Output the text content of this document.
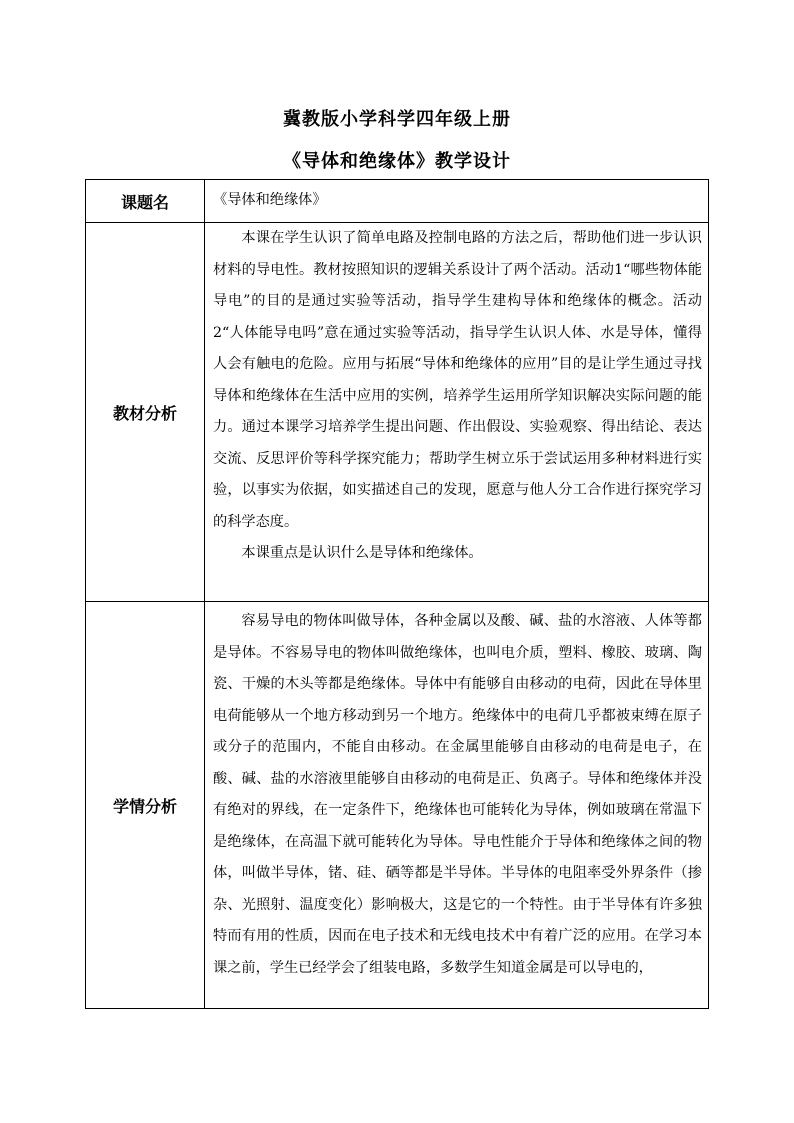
冀教版小学科学四年级上册
《导体和绝缘体》教学设计
课题名	《导体和绝缘体》
教材分析	本课在学生认识了简单电路及控制电路的方法之后，帮助他们进一步认识材料的导电性。教材按照知识的逻辑关系设计了两个活动。活动1“哪些物体能导电”的目的是通过实验等活动，指导学生建构导体和绝缘体的概念。活动2“人体能导电吗”意在通过实验等活动，指导学生认识人体、水是导体，懂得人会有触电的危险。应用与拓展“导体和绝缘体的应用”目的是让学生通过寻找导体和绝缘体在生活中应用的实例，培养学生运用所学知识解决实际问题的能力。通过本课学习培养学生提出问题、作出假设、实验观察、得出结论、表达交流、反思评价等科学探究能力；帮助学生树立乐于尝试运用多种材料进行实验，以事实为依据，如实描述自己的发现，愿意与他人分工合作进行探究学习的科学态度。

本课重点是认识什么是导体和绝缘体。

学情分析	容易导电的物体叫做导体，各种金属以及酸、碱、盐的水溶液、人体等都是导体。不容易导电的物体叫做绝缘体，也叫电介质，塑料、橡胶、玻璃、陶瓷、干燥的木头等都是绝缘体。导体中有能够自由移动的电荷，因此在导体里电荷能够从一个地方移动到另一个地方。绝缘体中的电荷几乎都被束缚在原子或分子的范围内，不能自由移动。在金属里能够自由移动的电荷是电子，在酸、碱、盐的水溶液里能够自由移动的电荷是正、负离子。导体和绝缘体并没有绝对的界线，在一定条件下，绝缘体也可能转化为导体，例如玻璃在常温下是绝缘体，在高温下就可能转化为导体。导电性能介于导体和绝缘体之间的物体，叫做半导体，锗、硅、硒等都是半导体。半导体的电阻率受外界条件（掺杂、光照射、温度变化）影响极大，这是它的一个特性。由于半导体有许多独特而有用的性质，因而在电子技术和无线电技术中有着广泛的应用。在学习本课之前，学生已经学会了组装电路，多数学生知道金属是可以导电的，
